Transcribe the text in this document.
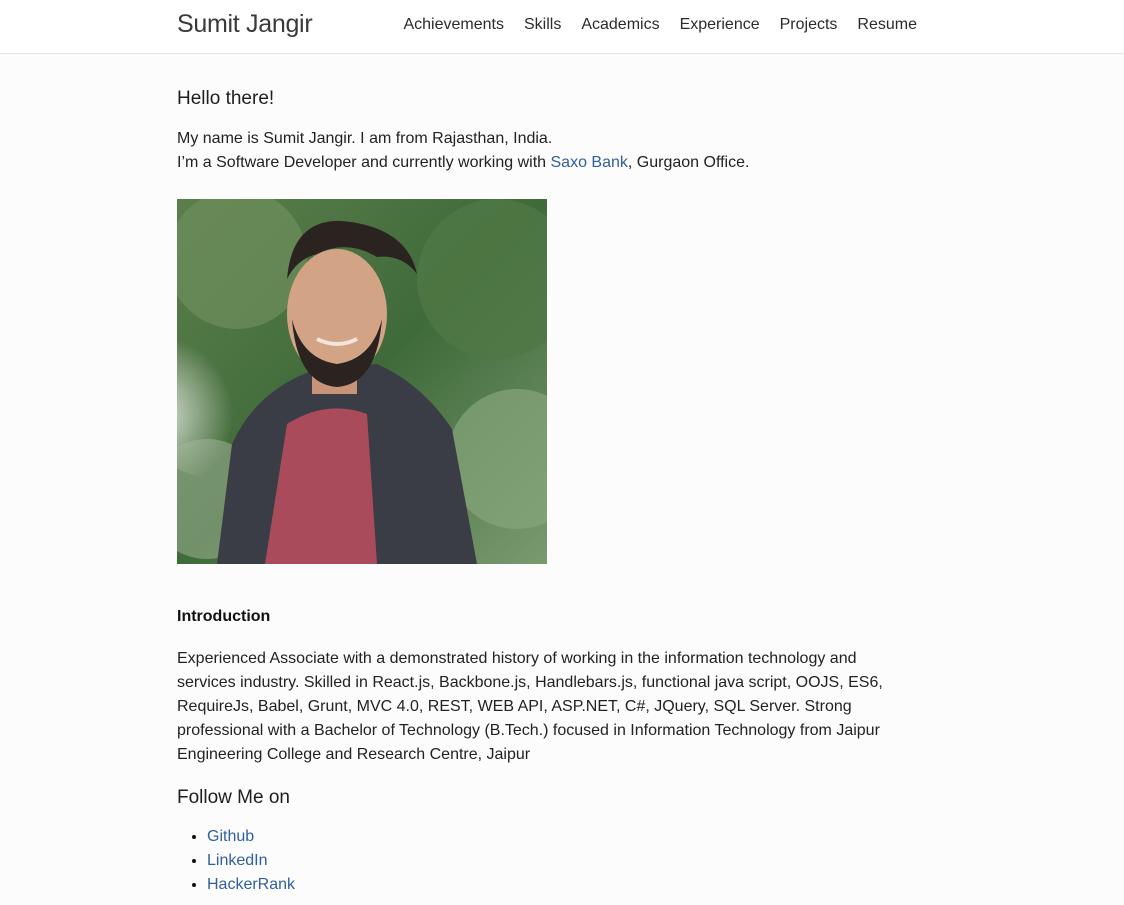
Sumit Jangir	Achievements	Skills	Academics	Experience	Projects	Resume
Hello there!
My name is Sumit Jangir. I am from Rajasthan, India.
I’m a Software Developer and currently working with Saxo Bank, Gurgaon Office.
Introduction

Experienced Associate with a demonstrated history of working in the information technology and services industry. Skilled in React.js, Backbone.js, Handlebars.js, functional java script, OOJS, ES6, RequireJs, Babel, Grunt, MVC 4.0, REST, WEB API, ASP.NET, C#, JQuery, SQL Server. Strong professional with a Bachelor of Technology (B.Tech.) focused in Information Technology from Jaipur Engineering College and Research Centre, Jaipur

Follow Me on
• Github
• LinkedIn
• HackerRank
